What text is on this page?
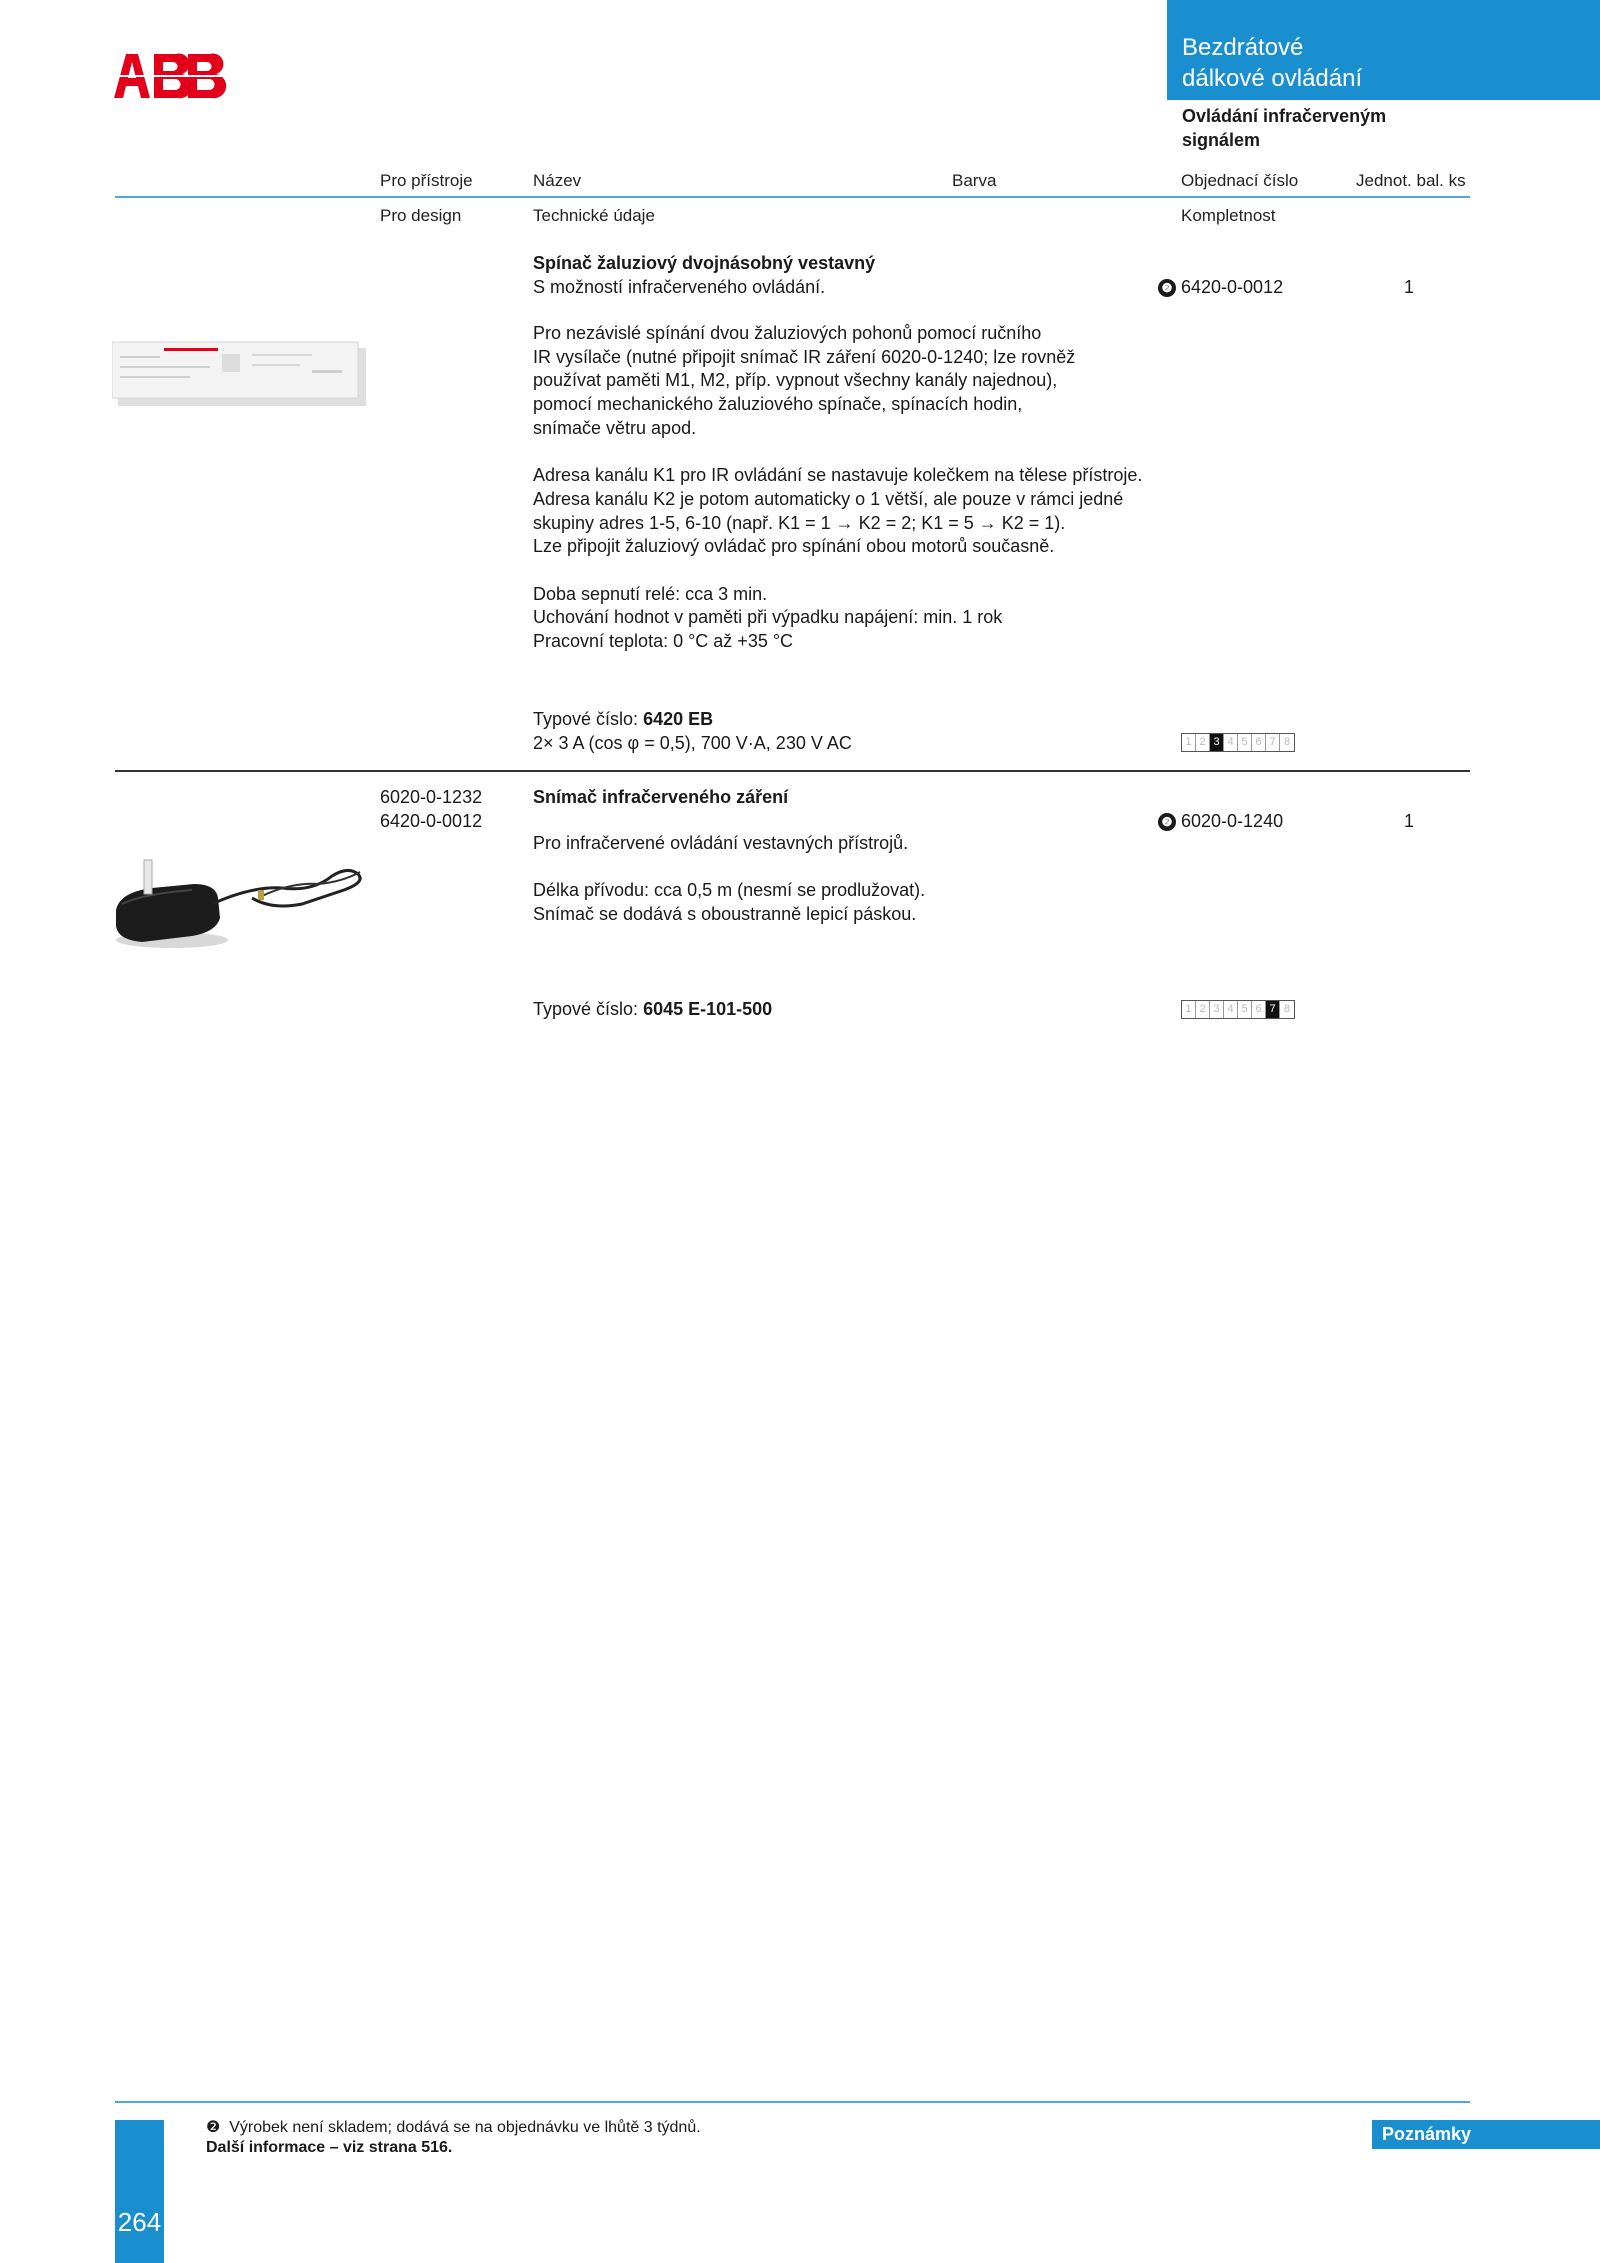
Bezdrátové
dálkové ovládání
Ovládání infračerveným
signálem
Pro přístroje	Název	Barva	Objednací číslo	Jednot. bal. ks
Pro design	Technické údaje	Kompletnost
Spínač žaluziový dvojnásobný vestavný
S možností infračerveného ovládání.	❷ 6420-0-0012	1

Pro nezávislé spínání dvou žaluziových pohonů pomocí ručního

IR vysílače (nutné připojit snímač IR záření 6020-0-1240; lze rovněž

používat paměti M1, M2, příp. vypnout všechny kanály najednou),

pomocí mechanického žaluziového spínače, spínacích hodin,

snímače větru apod.

Adresa kanálu K1 pro IR ovládání se nastavuje kolečkem na tělese přístroje.

Adresa kanálu K2 je potom automaticky o 1 větší, ale pouze v rámci jedné

skupiny adres 1-5, 6-10 (např. K1 = 1 → K2 = 2; K1 = 5 → K2 = 1).

Lze připojit žaluziový ovládač pro spínání obou motorů současně.

Doba sepnutí relé: cca 3 min.

Uchování hodnot v paměti při výpadku napájení: min. 1 rok

Pracovní teplota: 0 °C až +35 °C

Typové číslo: 6420 EB
2× 3 A (cos φ = 0,5), 700 V·A, 230 V AC	1 2 3 4 5 6 7 8
6020-0-1232
6420-0-0012
Snímač infračerveného záření
❷ 6020-0-1240	1

Pro infračervené ovládání vestavných přístrojů.

Délka přívodu: cca 0,5 m (nesmí se prodlužovat).

Snímač se dodává s oboustranně lepicí páskou.

Typové číslo: 6045 E-101-500	1 2 3 4 5 6 7 8
❷ Výrobek není skladem; dodává se na objednávku ve lhůtě 3 týdnů.
Další informace – viz strana 516.
Poznámky
264
